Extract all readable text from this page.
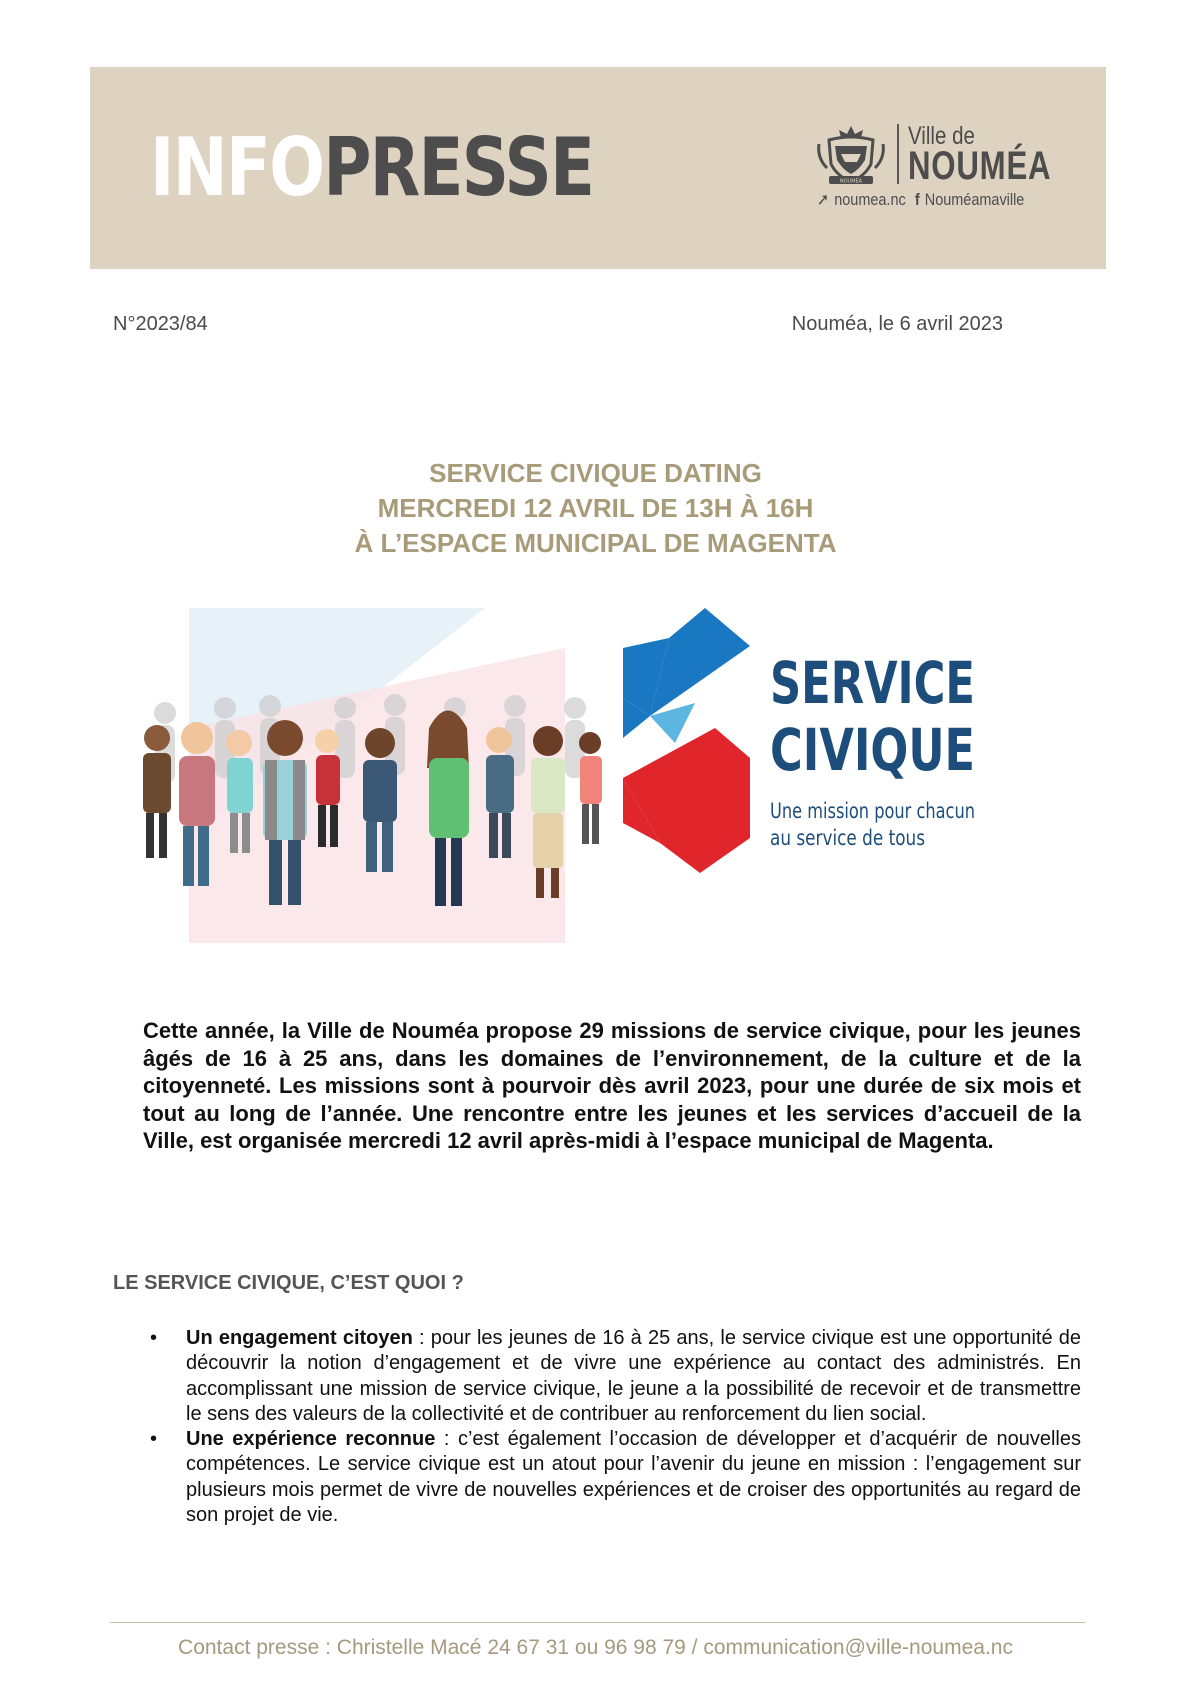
INFOPRESSE	NOUMÉA
Ville de
NOUMÉA
➚ noumea.nc f Nouméamaville
N°2023/84	Nouméa, le 6 avril 2023
SERVICE CIVIQUE DATING
MERCREDI 12 AVRIL DE 13H À 16H
À L’ESPACE MUNICIPAL DE MAGENTA
SERVICE
CIVIQUE
Une mission pour chacun
au service de tous
Cette année, la Ville de Nouméa propose 29 missions de service civique, pour les jeunes âgés de 16 à 25 ans, dans les domaines de l’environnement, de la culture et de la citoyenneté. Les missions sont à pourvoir dès avril 2023, pour une durée de six mois et tout au long de l’année. Une rencontre entre les jeunes et les services d’accueil de la Ville, est organisée mercredi 12 avril après-midi à l’espace municipal de Magenta.
LE SERVICE CIVIQUE, C’EST QUOI ?
• Un engagement citoyen : pour les jeunes de 16 à 25 ans, le service civique est une opportunité de découvrir la notion d’engagement et de vivre une expérience au contact des administrés. En accomplissant une mission de service civique, le jeune a la possibilité de recevoir et de transmettre le sens des valeurs de la collectivité et de contribuer au renforcement du lien social.
• Une expérience reconnue : c’est également l’occasion de développer et d’acquérir de nouvelles compétences. Le service civique est un atout pour l’avenir du jeune en mission : l’engagement sur plusieurs mois permet de vivre de nouvelles expériences et de croiser des opportunités au regard de son projet de vie.
Contact presse : Christelle Macé 24 67 31 ou 96 98 79 / communication@ville-noumea.nc
